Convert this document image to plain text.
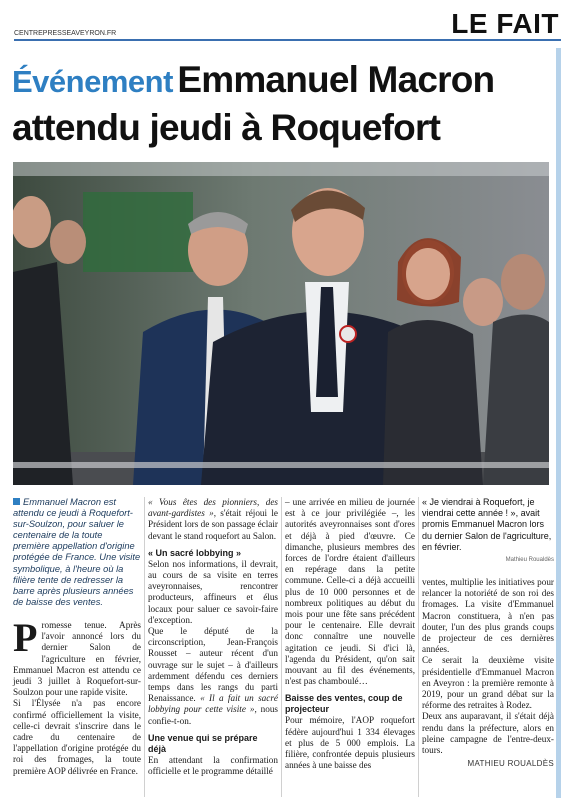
CENTREPRESSEAVEYRON.FR	LE FAIT
Événement Emmanuel Macron
attendu jeudi à Roquefort
Emmanuel Macron est attendu ce jeudi à Roquefort-sur-Soulzon, pour saluer le centenaire de la toute première appellation d'origine protégée de France. Une visite symbolique, à l'heure où la filière tente de redresser la barre après plusieurs années de baisse des ventes.

Promesse tenue. Après l'avoir annoncé lors du dernier Salon de l'agriculture en février, Emmanuel Macron est attendu ce jeudi 3 juillet à Roquefort-sur-Soulzon pour une rapide visite.

Si l'Élysée n'a pas encore confirmé officiellement la visite, celle-ci devrait s'inscrire dans le cadre du centenaire de l'appellation d'origine protégée du roi des fromages, la toute première AOP délivrée en France.

« Vous êtes des pionniers, des avant-gardistes », s'était réjoui le Président lors de son passage éclair devant le stand roquefort au Salon.

« Un sacré lobbying »

Selon nos informations, il devrait, au cours de sa visite en terres aveyronnaises, rencontrer producteurs, affineurs et élus locaux pour saluer ce savoir-faire d'exception.

Que le député de la circonscription, Jean-François Rousset – auteur récent d'un ouvrage sur le sujet – à d'ailleurs ardemment défendu ces derniers temps dans les rangs du parti Renaissance. « Il a fait un sacré lobbying pour cette visite », nous confie-t-on.

Une venue qui se prépare déjà

En attendant la confirmation officielle et le programme détaillé

– une arrivée en milieu de journée est à ce jour privilégiée –, les autorités aveyronnaises sont d'ores et déjà à pied d'œuvre. Ce dimanche, plusieurs membres des forces de l'ordre étaient d'ailleurs en repérage dans la petite commune. Celle-ci a déjà accueilli plus de 10 000 personnes et de nombreux politiques au début du mois pour une fête sans précédent pour le centenaire. Elle devrait donc connaître une nouvelle agitation ce jeudi. Si d'ici là, l'agenda du Président, qu'on sait mouvant au fil des événements, n'est pas chamboulé…

Baisse des ventes, coup de projecteur

Pour mémoire, l'AOP roquefort fédère aujourd'hui 1 334 élevages et plus de 5 000 emplois. La filière, confrontée depuis plusieurs années à une baisse des

« Je viendrai à Roquefort, je viendrai cette année ! », avait promis Emmanuel Macron lors du dernier Salon de l'agriculture, en février.
Mathieu Roualdès

ventes, multiplie les initiatives pour relancer la notoriété de son roi des fromages. La visite d'Emmanuel Macron constituera, à n'en pas douter, l'un des plus grands coups de projecteur de ces dernières années.

Ce serait la deuxième visite présidentielle d'Emmanuel Macron en Aveyron : la première remonte à 2019, pour un grand débat sur la réforme des retraites à Rodez.

Deux ans auparavant, il s'était déjà rendu dans la préfecture, alors en pleine campagne de l'entre-deux-tours.

MATHIEU ROUALDÈS
